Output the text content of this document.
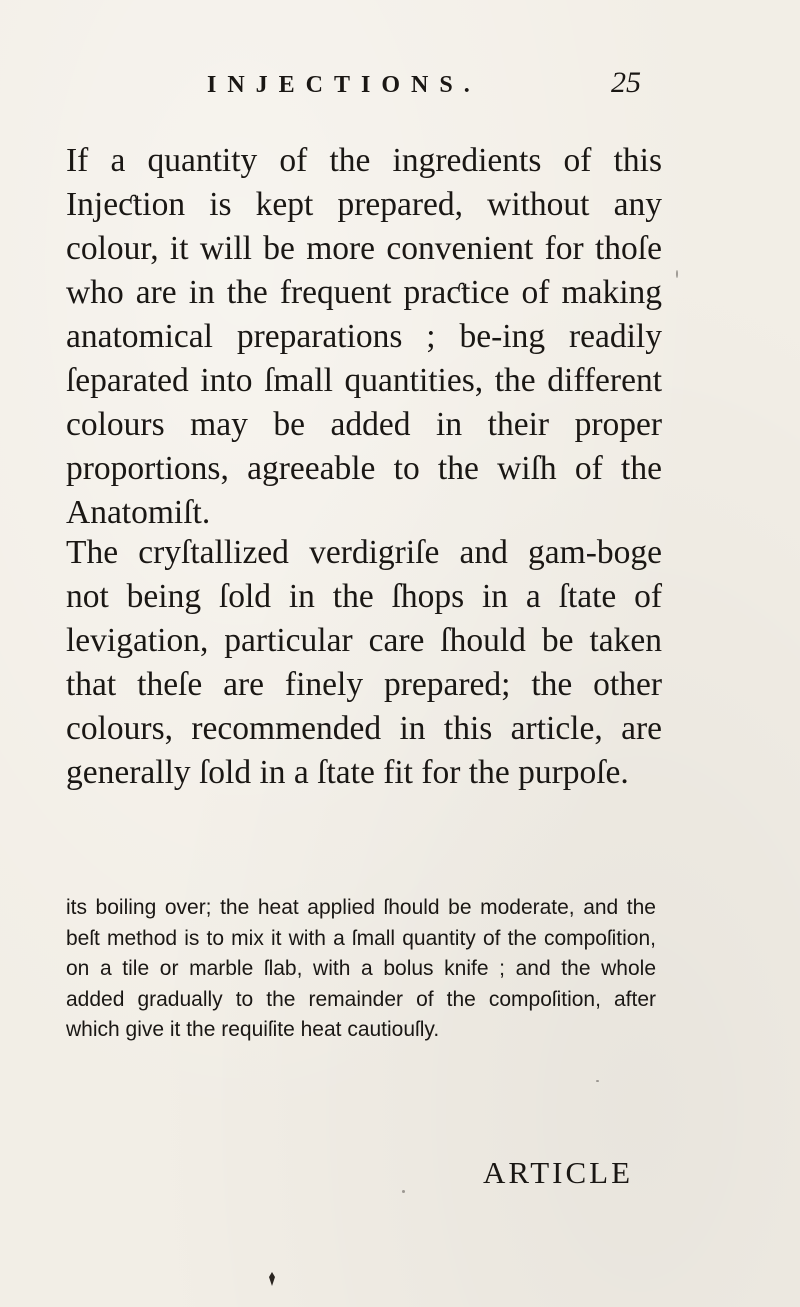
INJECTIONS.	25

If a quantity of the ingredients of this Injeƈtion is kept prepared, without any colour, it will be more convenient for thoſe who are in the frequent praƈtice of making anatomical preparations ; be-ing readily ſeparated into ſmall quantities, the different colours may be added in their proper proportions, agreeable to the wiſh of the Anatomiſt.

The cryſtallized verdigriſe and gam-boge not being ſold in the ſhops in a ſtate of levigation, particular care ſhould be taken that theſe are finely prepared; the other colours, recommended in this article, are generally ſold in a ſtate fit for the purpoſe.

its boiling over; the heat applied ſhould be moderate, and the beſt method is to mix it with a ſmall quantity of the compoſition, on a tile or marble ſlab, with a bolus knife ; and the whole added gradually to the remainder of the compoſition, after which give it the requiſite heat cautiouſly.
ARTICLE
